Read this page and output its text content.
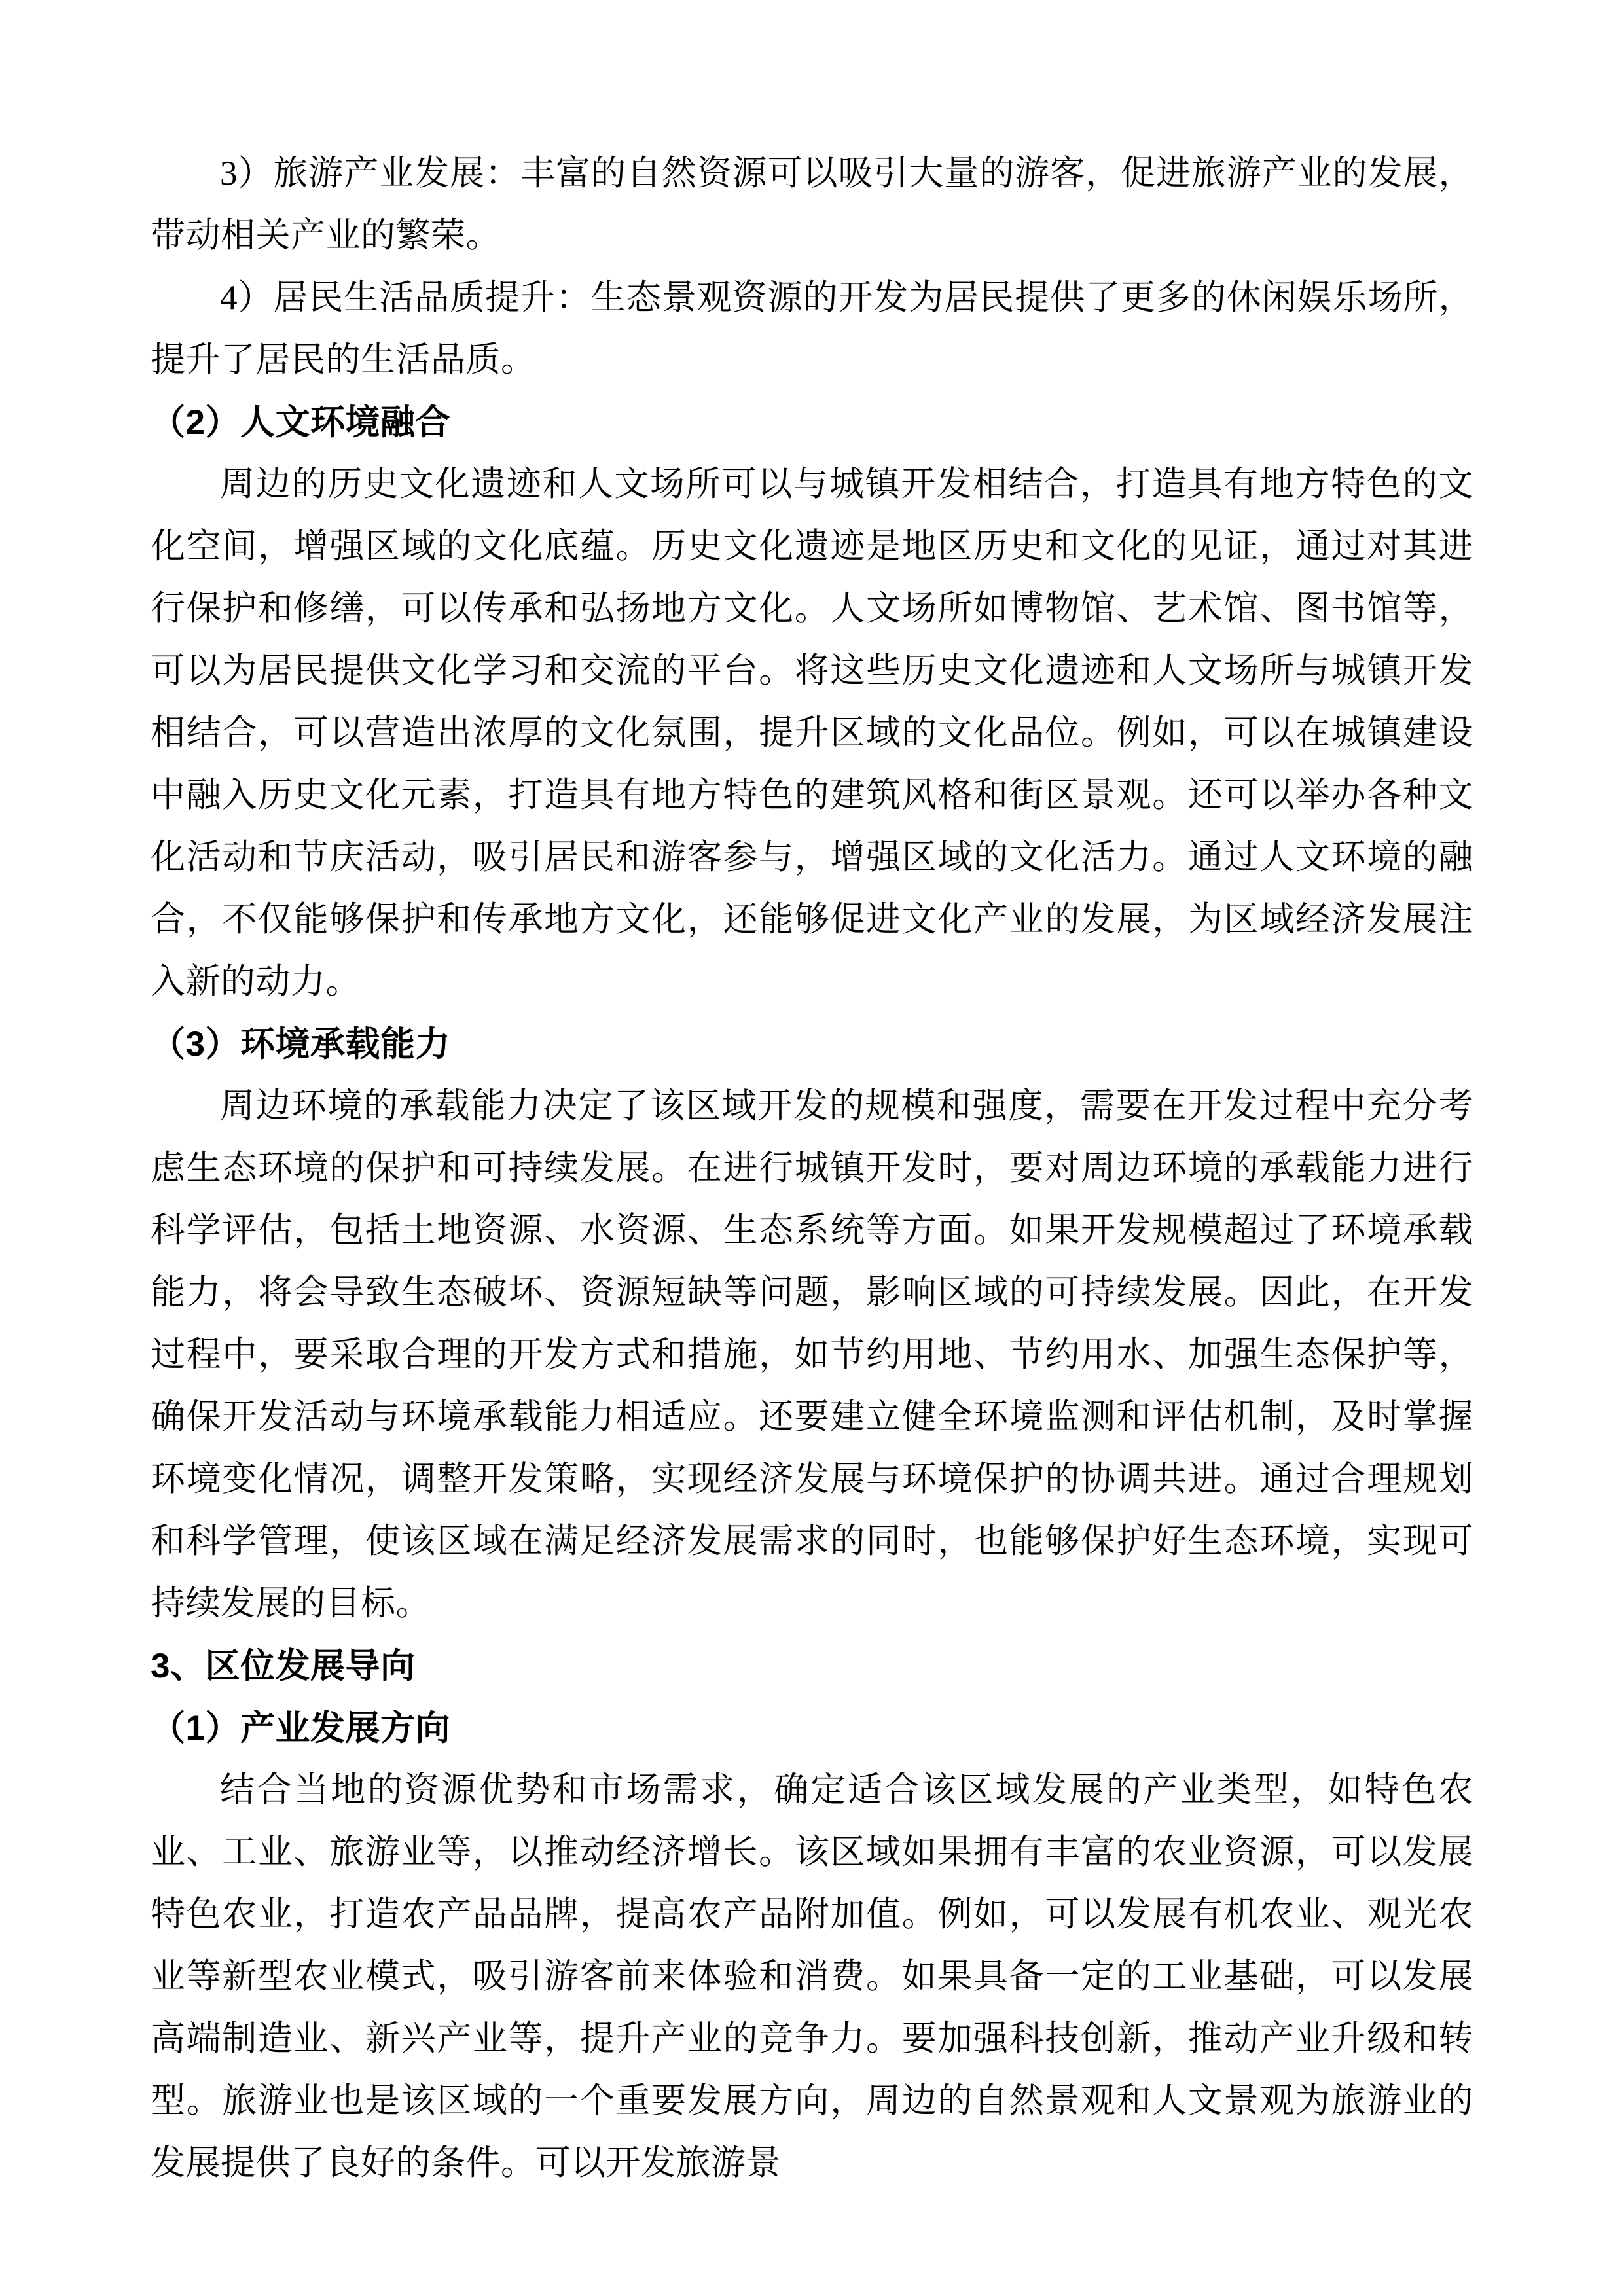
3）旅游产业发展：丰富的自然资源可以吸引大量的游客，促进旅游产业的发展，带动相关产业的繁荣。

4）居民生活品质提升：生态景观资源的开发为居民提供了更多的休闲娱乐场所，提升了居民的生活品质。

（2）人文环境融合

周边的历史文化遗迹和人文场所可以与城镇开发相结合，打造具有地方特色的文化空间，增强区域的文化底蕴。历史文化遗迹是地区历史和文化的见证，通过对其进行保护和修缮，可以传承和弘扬地方文化。人文场所如博物馆、艺术馆、图书馆等，可以为居民提供文化学习和交流的平台。将这些历史文化遗迹和人文场所与城镇开发相结合，可以营造出浓厚的文化氛围，提升区域的文化品位。例如，可以在城镇建设中融入历史文化元素，打造具有地方特色的建筑风格和街区景观。还可以举办各种文化活动和节庆活动，吸引居民和游客参与，增强区域的文化活力。通过人文环境的融合，不仅能够保护和传承地方文化，还能够促进文化产业的发展，为区域经济发展注入新的动力。

（3）环境承载能力

周边环境的承载能力决定了该区域开发的规模和强度，需要在开发过程中充分考虑生态环境的保护和可持续发展。在进行城镇开发时，要对周边环境的承载能力进行科学评估，包括土地资源、水资源、生态系统等方面。如果开发规模超过了环境承载能力，将会导致生态破坏、资源短缺等问题，影响区域的可持续发展。因此，在开发过程中，要采取合理的开发方式和措施，如节约用地、节约用水、加强生态保护等，确保开发活动与环境承载能力相适应。还要建立健全环境监测和评估机制，及时掌握环境变化情况，调整开发策略，实现经济发展与环境保护的协调共进。通过合理规划和科学管理，使该区域在满足经济发展需求的同时，也能够保护好生态环境，实现可持续发展的目标。

3、区位发展导向

（1）产业发展方向

结合当地的资源优势和市场需求，确定适合该区域发展的产业类型，如特色农业、工业、旅游业等，以推动经济增长。该区域如果拥有丰富的农业资源，可以发展特色农业，打造农产品品牌，提高农产品附加值。例如，可以发展有机农业、观光农业等新型农业模式，吸引游客前来体验和消费。如果具备一定的工业基础，可以发展高端制造业、新兴产业等，提升产业的竞争力。要加强科技创新，推动产业升级和转型。旅游业也是该区域的一个重要发展方向，周边的自然景观和人文景观为旅游业的发展提供了良好的条件。可以开发旅游景
